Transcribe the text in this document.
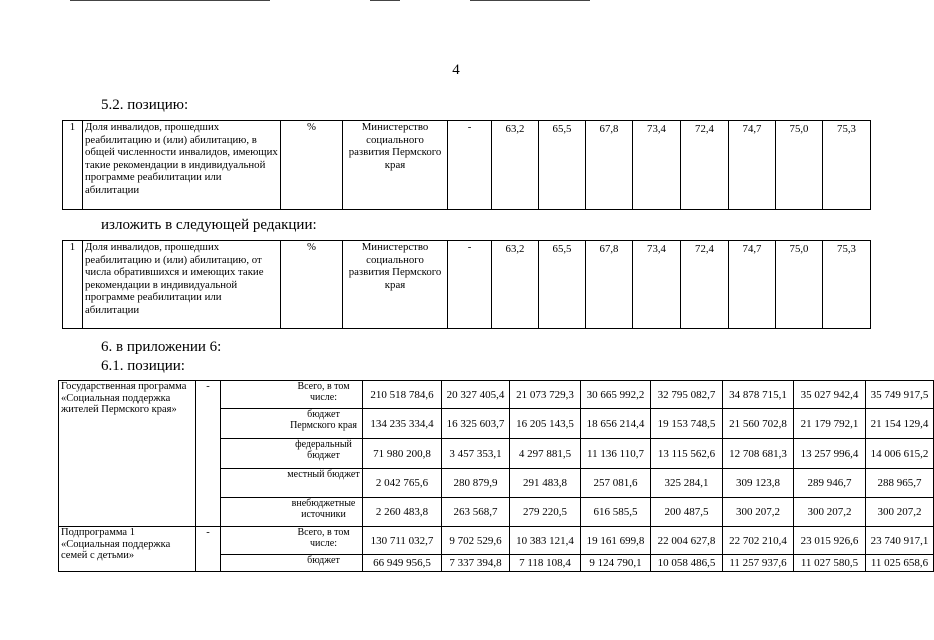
4
5.2. позицию:
1	Доля инвалидов, прошедших реабилитацию и (или) абилитацию, в общей численности инвалидов, имеющих такие рекомендации в индивидуальной программе реабилитации или абилитации	%	Министерство социального развития Пермского края	-	63,2	65,5	67,8	73,4	72,4	74,7	75,0	75,3
изложить в следующей редакции:
1	Доля инвалидов, прошедших реабилитацию и (или) абилитацию, от числа обратившихся и имеющих такие рекомендации в индивидуальной программе реабилитации или абилитации	%	Министерство социального развития Пермского края	-	63,2	65,5	67,8	73,4	72,4	74,7	75,0	75,3
6. в приложении 6:
6.1. позиции:
Государственная программа «Социальная поддержка жителей Пермского края»	-	Всего, в том числе:	210 518 784,6	20 327 405,4	21 073 729,3	30 665 992,2	32 795 082,7	34 878 715,1	35 027 942,4	35 749 917,5
		бюджет Пермского края	134 235 334,4	16 325 603,7	16 205 143,5	18 656 214,4	19 153 748,5	21 560 702,8	21 179 792,1	21 154 129,4
		федеральный бюджет	71 980 200,8	3 457 353,1	4 297 881,5	11 136 110,7	13 115 562,6	12 708 681,3	13 257 996,4	14 006 615,2
		местный бюджет	2 042 765,6	280 879,9	291 483,8	257 081,6	325 284,1	309 123,8	289 946,7	288 965,7
		внебюджетные источники	2 260 483,8	263 568,7	279 220,5	616 585,5	200 487,5	300 207,2	300 207,2	300 207,2
Подпрограмма 1 «Социальная поддержка семей с детьми»	-	Всего, в том числе:	130 711 032,7	9 702 529,6	10 383 121,4	19 161 699,8	22 004 627,8	22 702 210,4	23 015 926,6	23 740 917,1
		бюджет	66 949 956,5	7 337 394,8	7 118 108,4	9 124 790,1	10 058 486,5	11 257 937,6	11 027 580,5	11 025 658,6
